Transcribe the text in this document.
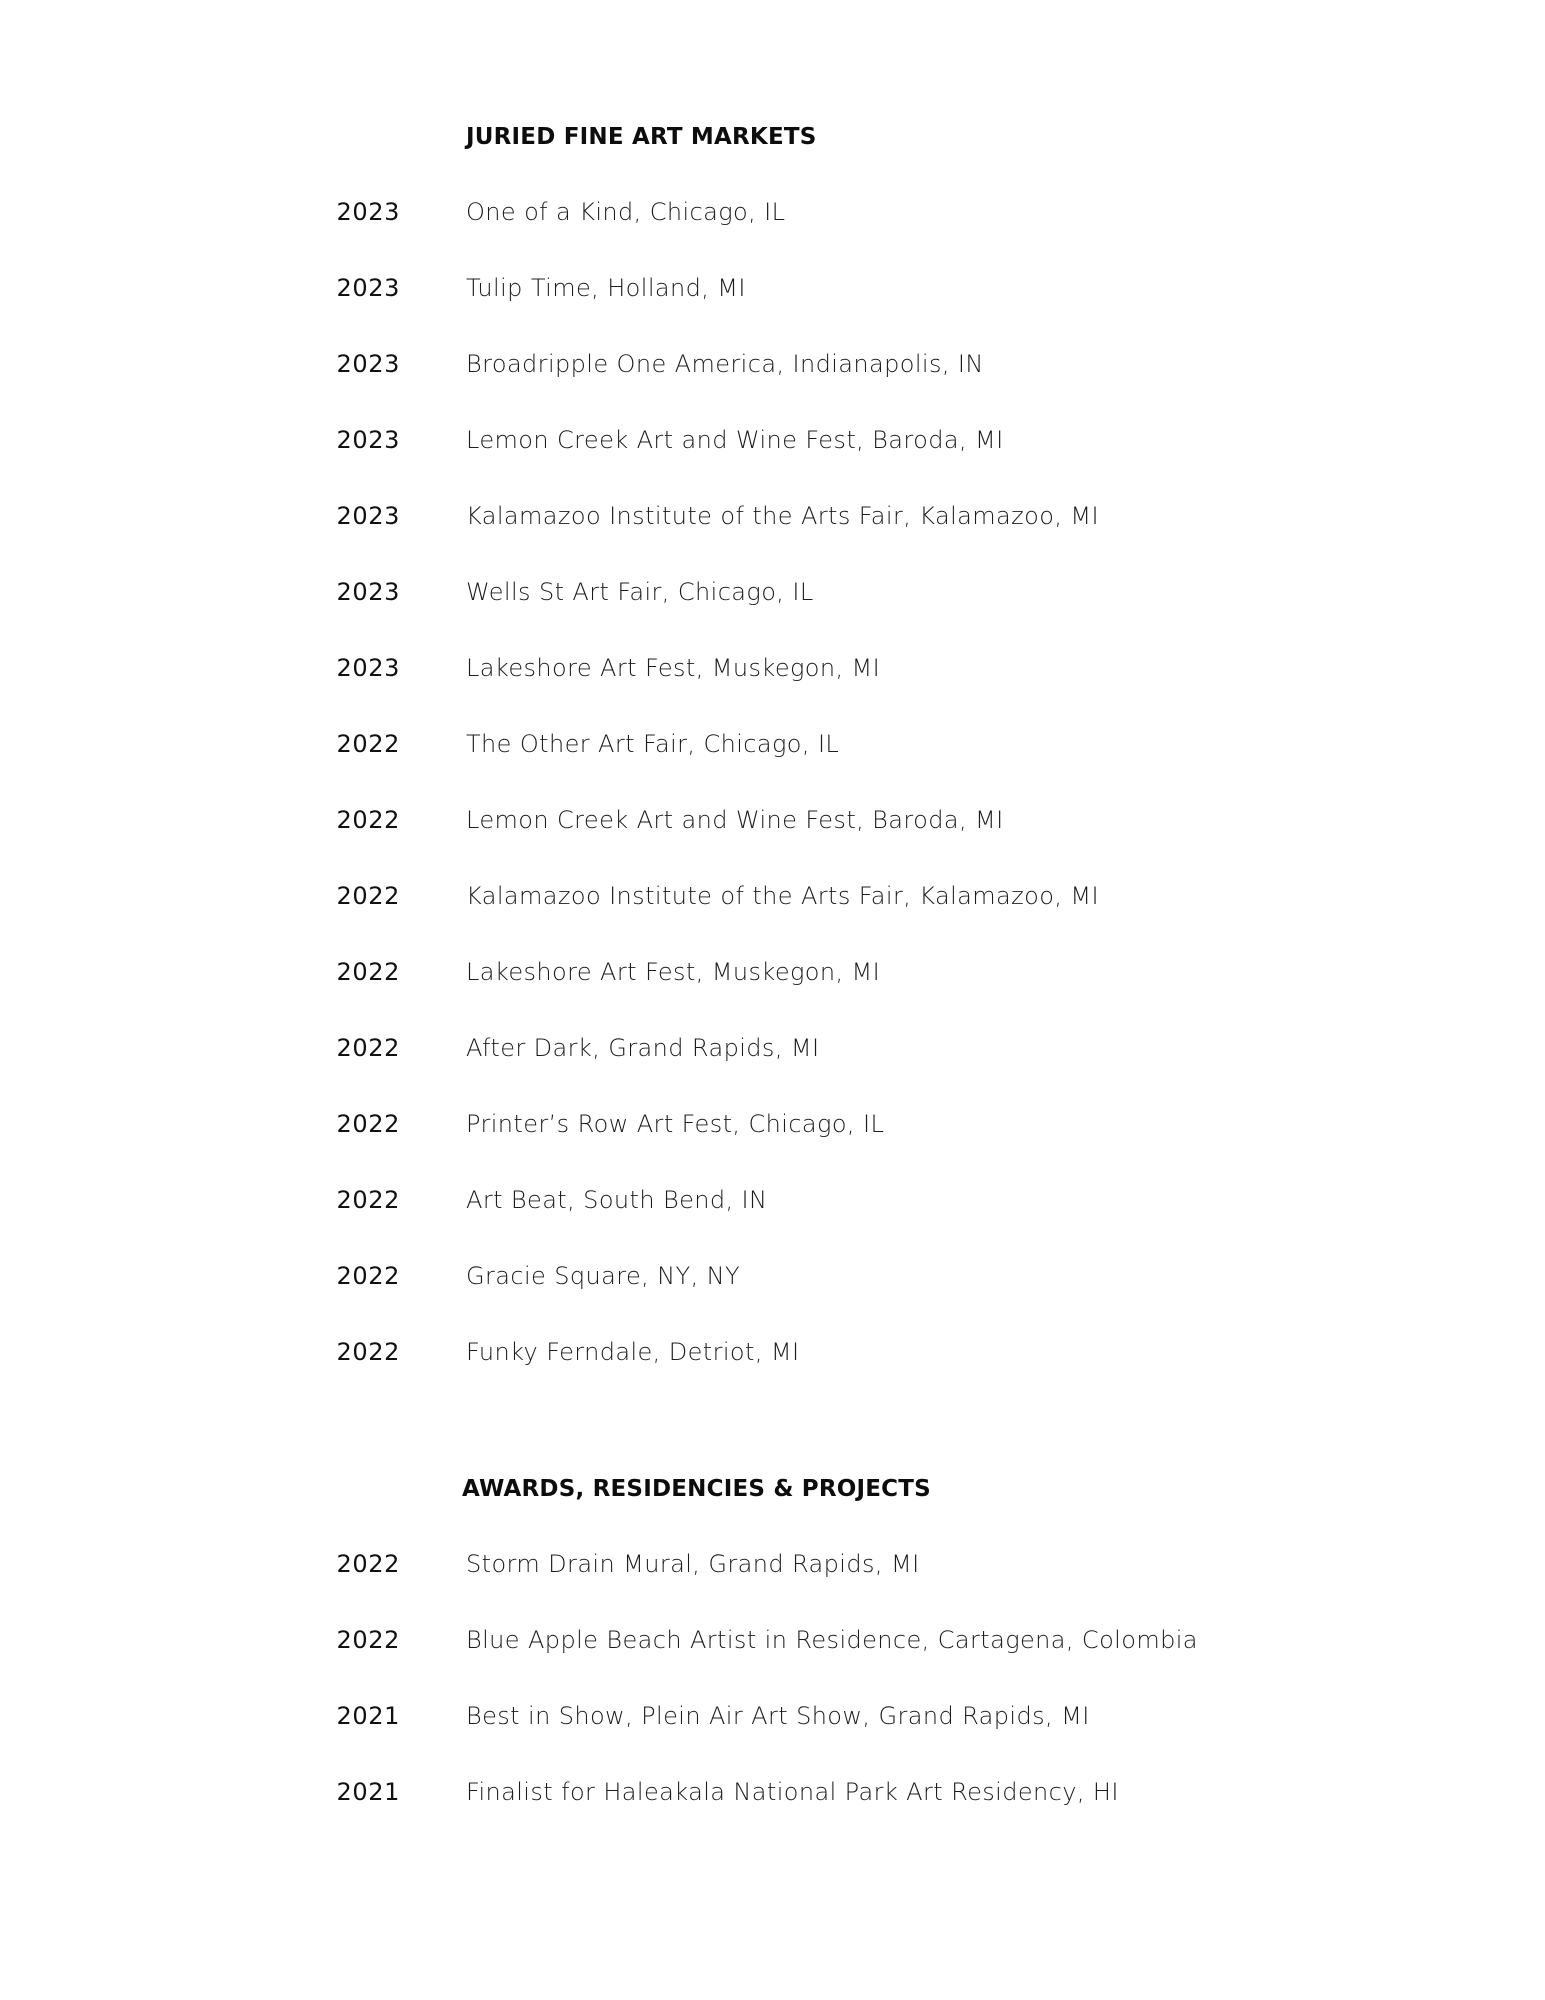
JURIED FINE ART MARKETS
2023	One of a Kind, Chicago, IL
2023	Tulip Time, Holland, MI
2023	Broadripple One America, Indianapolis, IN
2023	Lemon Creek Art and Wine Fest, Baroda, MI
2023	Kalamazoo Institute of the Arts Fair, Kalamazoo, MI
2023	Wells St Art Fair, Chicago, IL
2023	Lakeshore Art Fest, Muskegon, MI
2022	The Other Art Fair, Chicago, IL
2022	Lemon Creek Art and Wine Fest, Baroda, MI
2022	Kalamazoo Institute of the Arts Fair, Kalamazoo, MI
2022	Lakeshore Art Fest, Muskegon, MI
2022	After Dark, Grand Rapids, MI
2022	Printer’s Row Art Fest, Chicago, IL
2022	Art Beat, South Bend, IN
2022	Gracie Square, NY, NY
2022	Funky Ferndale, Detriot, MI
AWARDS, RESIDENCIES & PROJECTS
2022	Storm Drain Mural, Grand Rapids, MI
2022	Blue Apple Beach Artist in Residence, Cartagena, Colombia
2021	Best in Show, Plein Air Art Show, Grand Rapids, MI
2021	Finalist for Haleakala National Park Art Residency, HI
